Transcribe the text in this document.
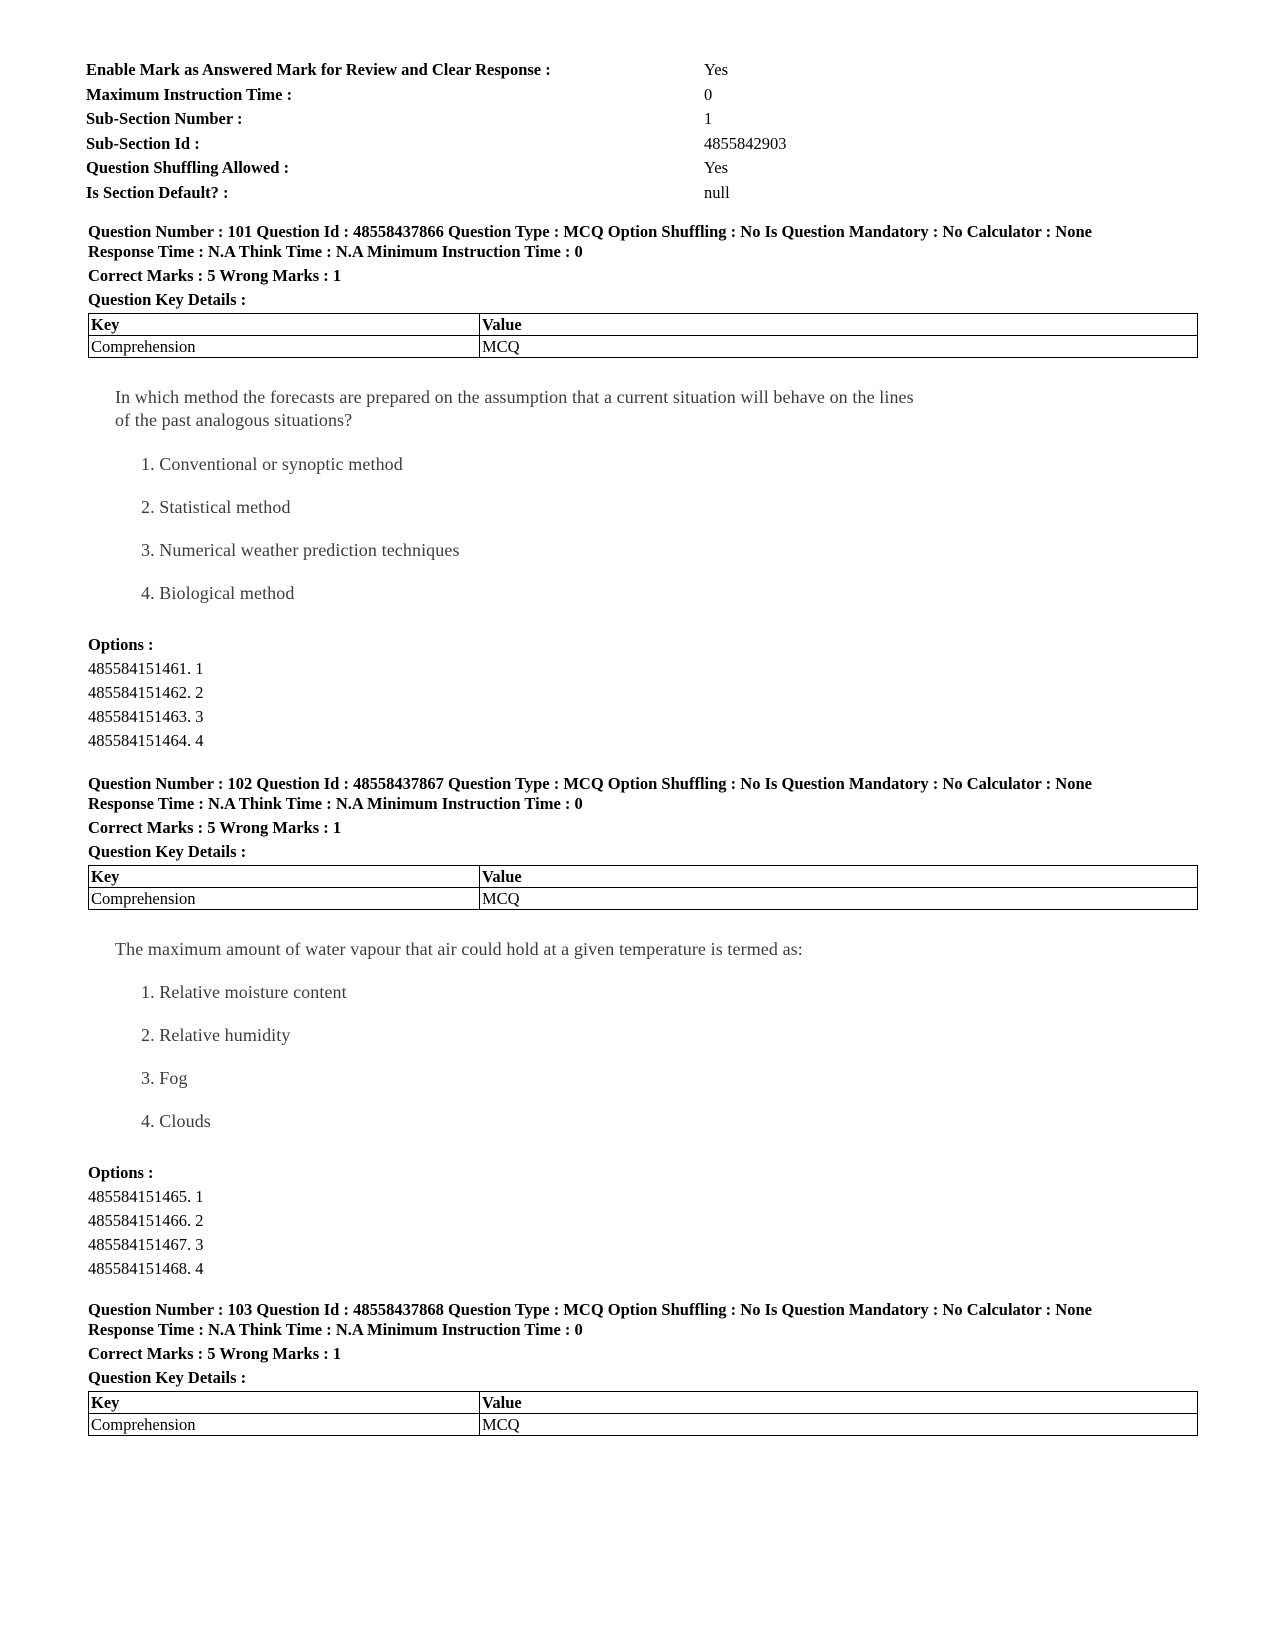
Enable Mark as Answered Mark for Review and Clear Response :	Yes
Maximum Instruction Time :	0
Sub-Section Number :	1
Sub-Section Id :	4855842903
Question Shuffling Allowed :	Yes
Is Section Default? :	null
Question Number : 101 Question Id : 48558437866 Question Type : MCQ Option Shuffling : No Is Question Mandatory : No Calculator : None
Response Time : N.A Think Time : N.A Minimum Instruction Time : 0
Correct Marks : 5 Wrong Marks : 1
Question Key Details :
Key	Value
Comprehension	MCQ
In which method the forecasts are prepared on the assumption that a current situation will behave on the lines
of the past analogous situations?
1. Conventional or synoptic method
2. Statistical method
3. Numerical weather prediction techniques
4. Biological method
Options :
485584151461. 1
485584151462. 2
485584151463. 3
485584151464. 4
Question Number : 102 Question Id : 48558437867 Question Type : MCQ Option Shuffling : No Is Question Mandatory : No Calculator : None
Response Time : N.A Think Time : N.A Minimum Instruction Time : 0
Correct Marks : 5 Wrong Marks : 1
Question Key Details :
Key	Value
Comprehension	MCQ
The maximum amount of water vapour that air could hold at a given temperature is termed as:
1. Relative moisture content
2. Relative humidity
3. Fog
4. Clouds
Options :
485584151465. 1
485584151466. 2
485584151467. 3
485584151468. 4
Question Number : 103 Question Id : 48558437868 Question Type : MCQ Option Shuffling : No Is Question Mandatory : No Calculator : None
Response Time : N.A Think Time : N.A Minimum Instruction Time : 0
Correct Marks : 5 Wrong Marks : 1
Question Key Details :
Key	Value
Comprehension	MCQ
